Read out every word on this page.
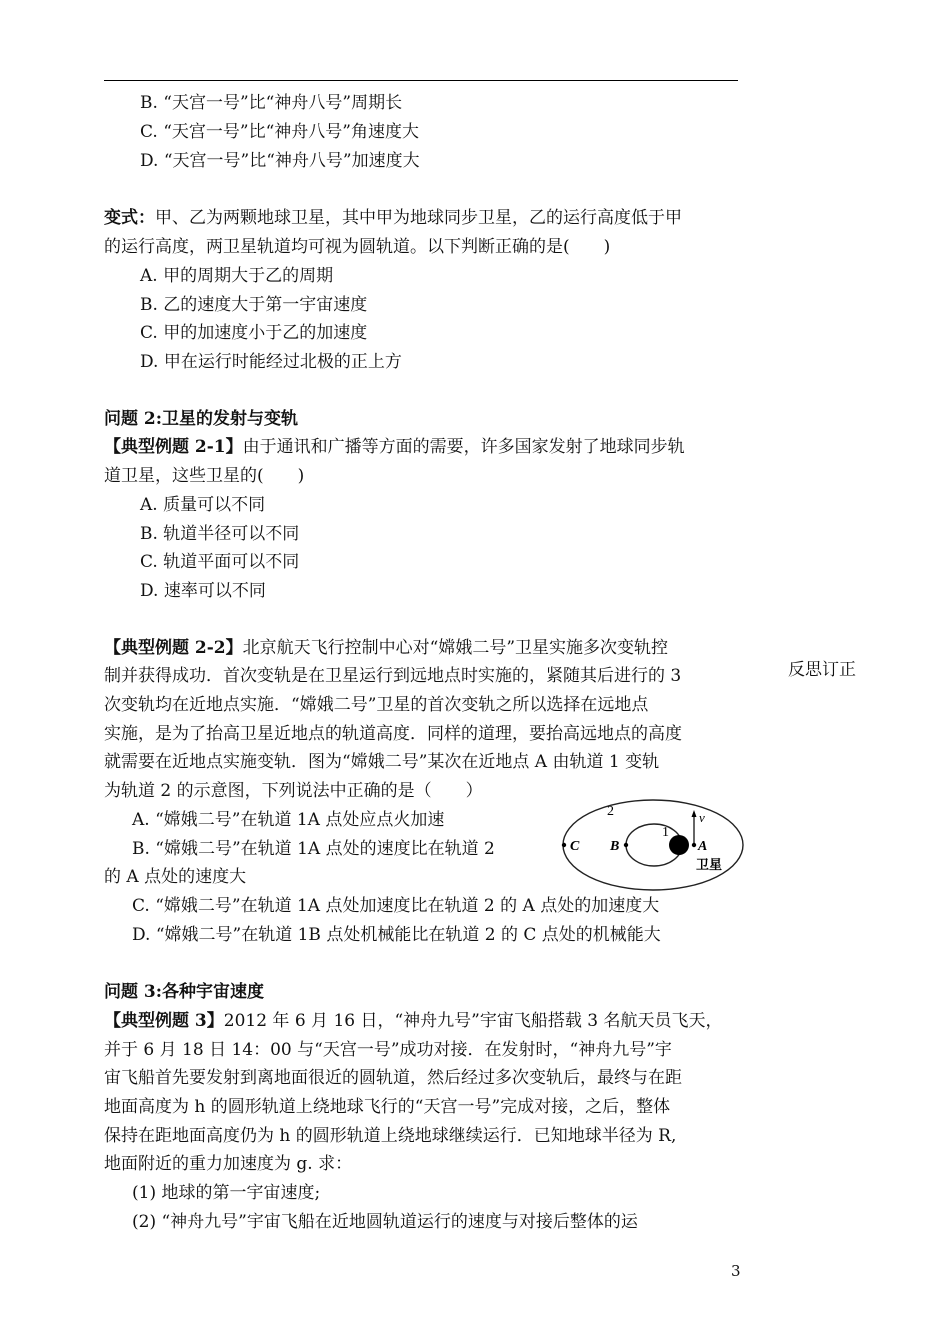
B. “天宫一号”比“神舟八号”周期长
C. “天宫一号”比“神舟八号”角速度大
D. “天宫一号”比“神舟八号”加速度大
变式：甲、乙为两颗地球卫星，其中甲为地球同步卫星，乙的运行高度低于甲
的运行高度，两卫星轨道均可视为圆轨道。以下判断正确的是(　　)
A. 甲的周期大于乙的周期
B. 乙的速度大于第一宇宙速度
C. 甲的加速度小于乙的加速度
D. 甲在运行时能经过北极的正上方
问题 2:卫星的发射与变轨
【典型例题 2-1】由于通讯和广播等方面的需要，许多国家发射了地球同步轨
道卫星，这些卫星的(　　)
A. 质量可以不同
B. 轨道半径可以不同
C. 轨道平面可以不同
D. 速率可以不同
【典型例题 2-2】北京航天飞行控制中心对“嫦娥二号”卫星实施多次变轨控
制并获得成功．首次变轨是在卫星运行到远地点时实施的，紧随其后进行的 3
次变轨均在近地点实施．“嫦娥二号”卫星的首次变轨之所以选择在远地点
实施，是为了抬高卫星近地点的轨道高度．同样的道理，要抬高远地点的高度
就需要在近地点实施变轨．图为“嫦娥二号”某次在近地点 A 由轨道 1 变轨
为轨道 2 的示意图，下列说法中正确的是（　　）
A. “嫦娥二号”在轨道 1A 点处应点火加速
B. “嫦娥二号”在轨道 1A 点处的速度比在轨道 2
的 A 点处的速度大
C. “嫦娥二号”在轨道 1A 点处加速度比在轨道 2 的 A 点处的加速度大
D. “嫦娥二号”在轨道 1B 点处机械能比在轨道 2 的 C 点处的机械能大
2
1
v
C B	A
卫星
问题 3:各种宇宙速度
【典型例题 3】2012 年 6 月 16 日，“神舟九号”宇宙飞船搭载 3 名航天员飞天，
并于 6 月 18 日 14：00 与“天宫一号”成功对接．在发射时，“神舟九号”宇
宙飞船首先要发射到离地面很近的圆轨道，然后经过多次变轨后，最终与在距
地面高度为 h 的圆形轨道上绕地球飞行的“天宫一号”完成对接，之后，整体
保持在距地面高度仍为 h 的圆形轨道上绕地球继续运行．已知地球半径为 R,
地面附近的重力加速度为 g. 求：
(1) 地球的第一宇宙速度;
(2) “神舟九号”宇宙飞船在近地圆轨道运行的速度与对接后整体的运
反思订正
3
